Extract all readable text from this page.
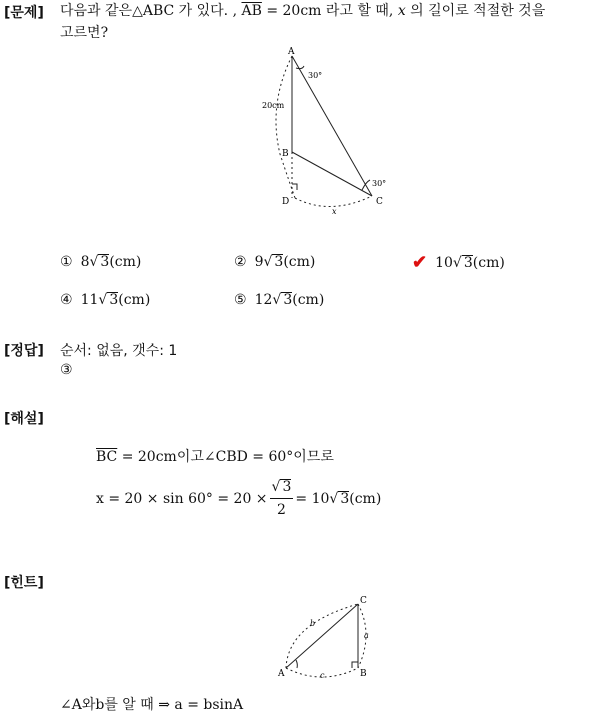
[문제] 다음과 같은△ABC 가 있다. , $\overline{AB} = 20cm$ 라고 할 때, x 의 길이로 적절한 것을
고르면?
A
B
C
D
30°
30°
20cm
x
① 8√ 3(cm)	② 9√ 3(cm)	✔ 10√ 3(cm)
④ 11√ 3(cm)	⑤ 12√ 3(cm)
[정답] 순서: 없음, 갯수: 1
③
[해설]
$\overline{BC} = 20cm$이고∠CBD = 60°이므로
$x = 20 \times \sin 60^\circ = 20 \times \frac{√ 3}{2} = 10$ √ 3 (cm)
[힌트]
C
A	B
a
b
c
∠A와b를 알 때 ⇒ a = bsinA
